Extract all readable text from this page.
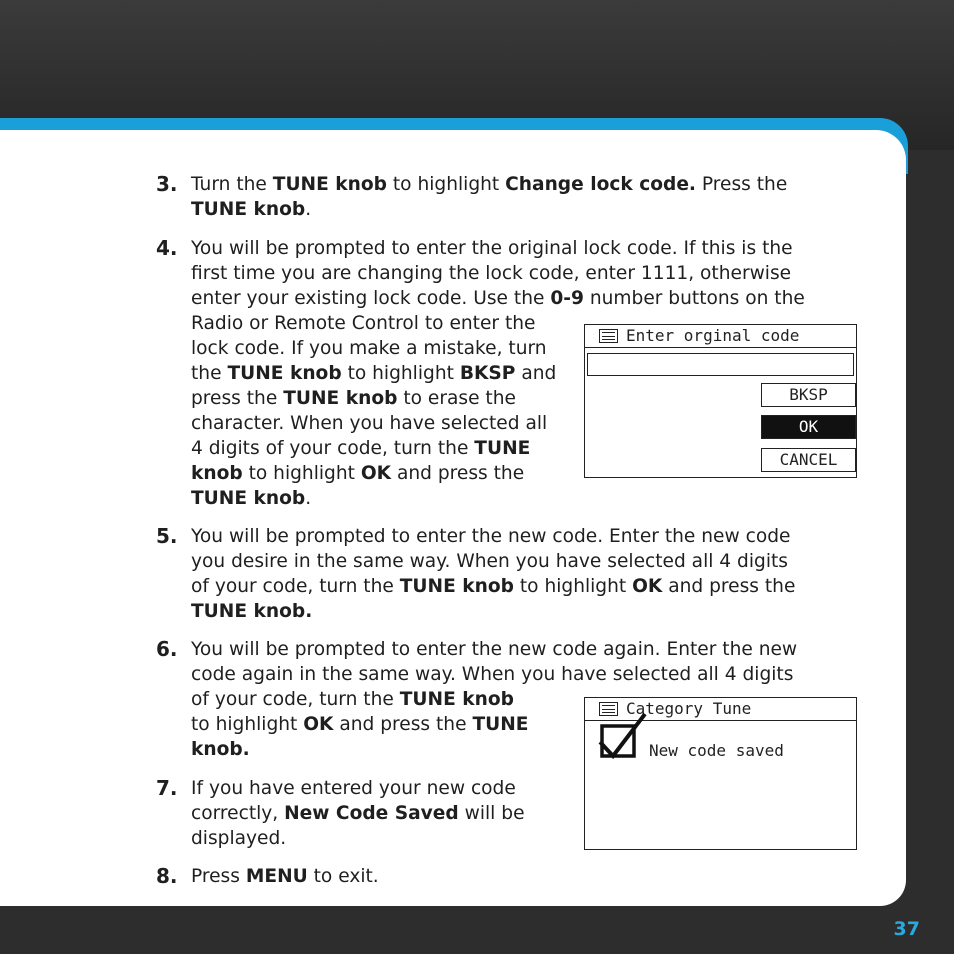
3.
4.
5.
6.
7.
8.

Turn the TUNE knob to highlight Change lock code. Press the
TUNE knob.

You will be prompted to enter the original lock code. If this is the
first time you are changing the lock code, enter 1111, otherwise
enter your existing lock code. Use the 0-9 number buttons on the
Radio or Remote Control to enter the
lock code. If you make a mistake, turn
the TUNE knob to highlight BKSP and
press the TUNE knob to erase the
character. When you have selected all
4 digits of your code, turn the TUNE
knob to highlight OK and press the
TUNE knob.

You will be prompted to enter the new code. Enter the new code
you desire in the same way. When you have selected all 4 digits
of your code, turn the TUNE knob to highlight OK and press the
TUNE knob.

You will be prompted to enter the new code again. Enter the new
code again in the same way. When you have selected all 4 digits
of your code, turn the TUNE knob
to highlight OK and press the TUNE
knob.

If you have entered your new code
correctly, New Code Saved will be
displayed.

Press MENU to exit.

Enter orginal code
BKSP
OK
CANCEL
Category Tune
New code saved
37
